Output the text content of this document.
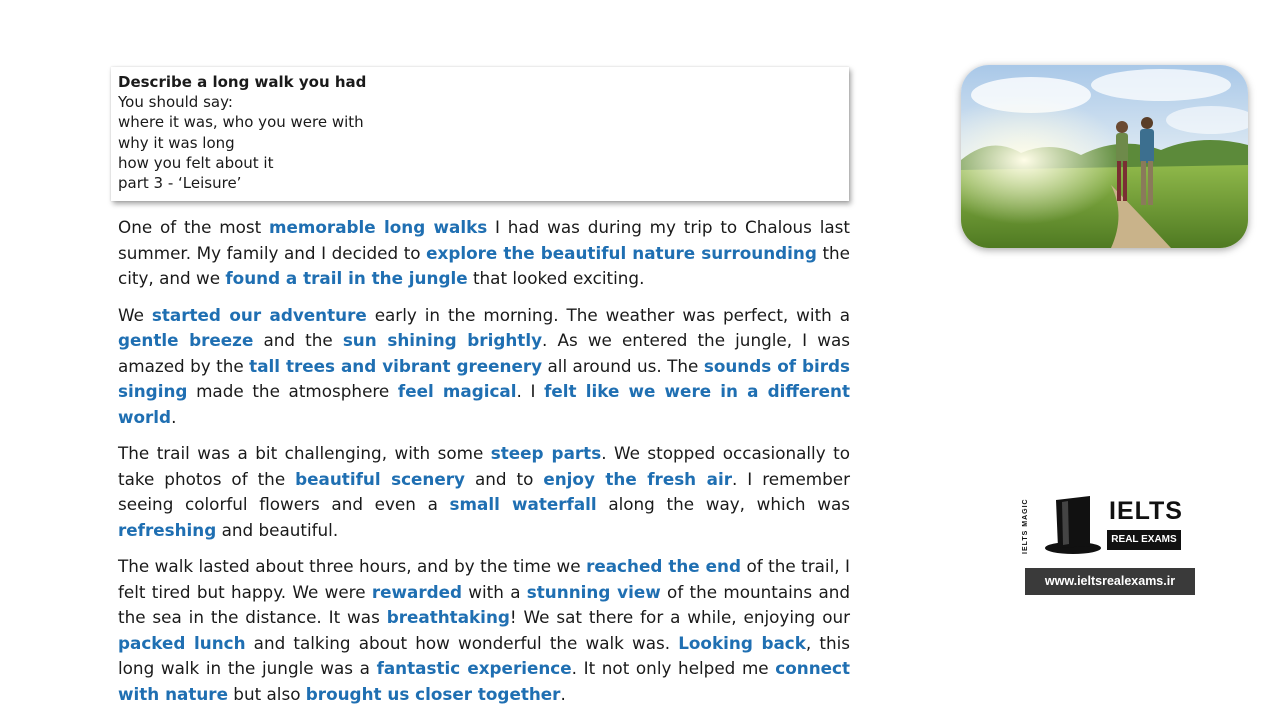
Describe a long walk you had
You should say:
where it was, who you were with
why it was long
how you felt about it
part 3 - ‘Leisure’

One of the most memorable long walks I had was during my trip to Chalous last summer. My family and I decided to explore the beautiful nature surrounding the city, and we found a trail in the jungle that looked exciting.

We started our adventure early in the morning. The weather was perfect, with a gentle breeze and the sun shining brightly. As we entered the jungle, I was amazed by the tall trees and vibrant greenery all around us. The sounds of birds singing made the atmosphere feel magical. I felt like we were in a different world.

The trail was a bit challenging, with some steep parts. We stopped occasionally to take photos of the beautiful scenery and to enjoy the fresh air. I remember seeing colorful flowers and even a small waterfall along the way, which was refreshing and beautiful.

The walk lasted about three hours, and by the time we reached the end of the trail, I felt tired but happy. We were rewarded with a stunning view of the mountains and the sea in the distance. It was breathtaking! We sat there for a while, enjoying our packed lunch and talking about how wonderful the walk was. Looking back, this long walk in the jungle was a fantastic experience. It not only helped me connect with nature but also brought us closer together.

IELTS MAGIC	IELTS
REAL EXAMS
www.ieltsrealexams.ir
